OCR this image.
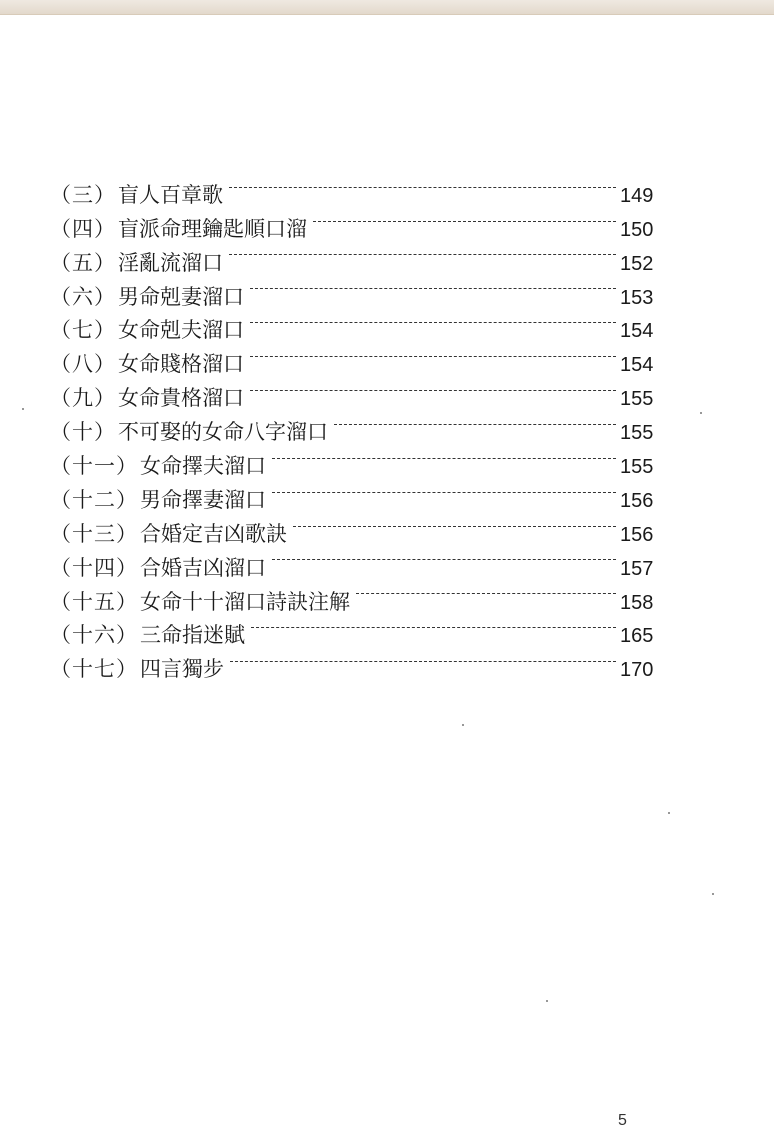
（三） 盲人百章歌	149
（四） 盲派命理鑰匙順口溜	150
（五） 淫亂流溜口	152
（六） 男命剋妻溜口	153
（七） 女命剋夫溜口	154
（八） 女命賤格溜口	154
（九） 女命貴格溜口	155
（十） 不可娶的女命八字溜口	155
（十一） 女命擇夫溜口	155
（十二） 男命擇妻溜口	156
（十三） 合婚定吉凶歌訣	156
（十四） 合婚吉凶溜口	157
（十五） 女命十十溜口詩訣注解	158
（十六） 三命指迷賦	165
（十七） 四言獨步	170
5
